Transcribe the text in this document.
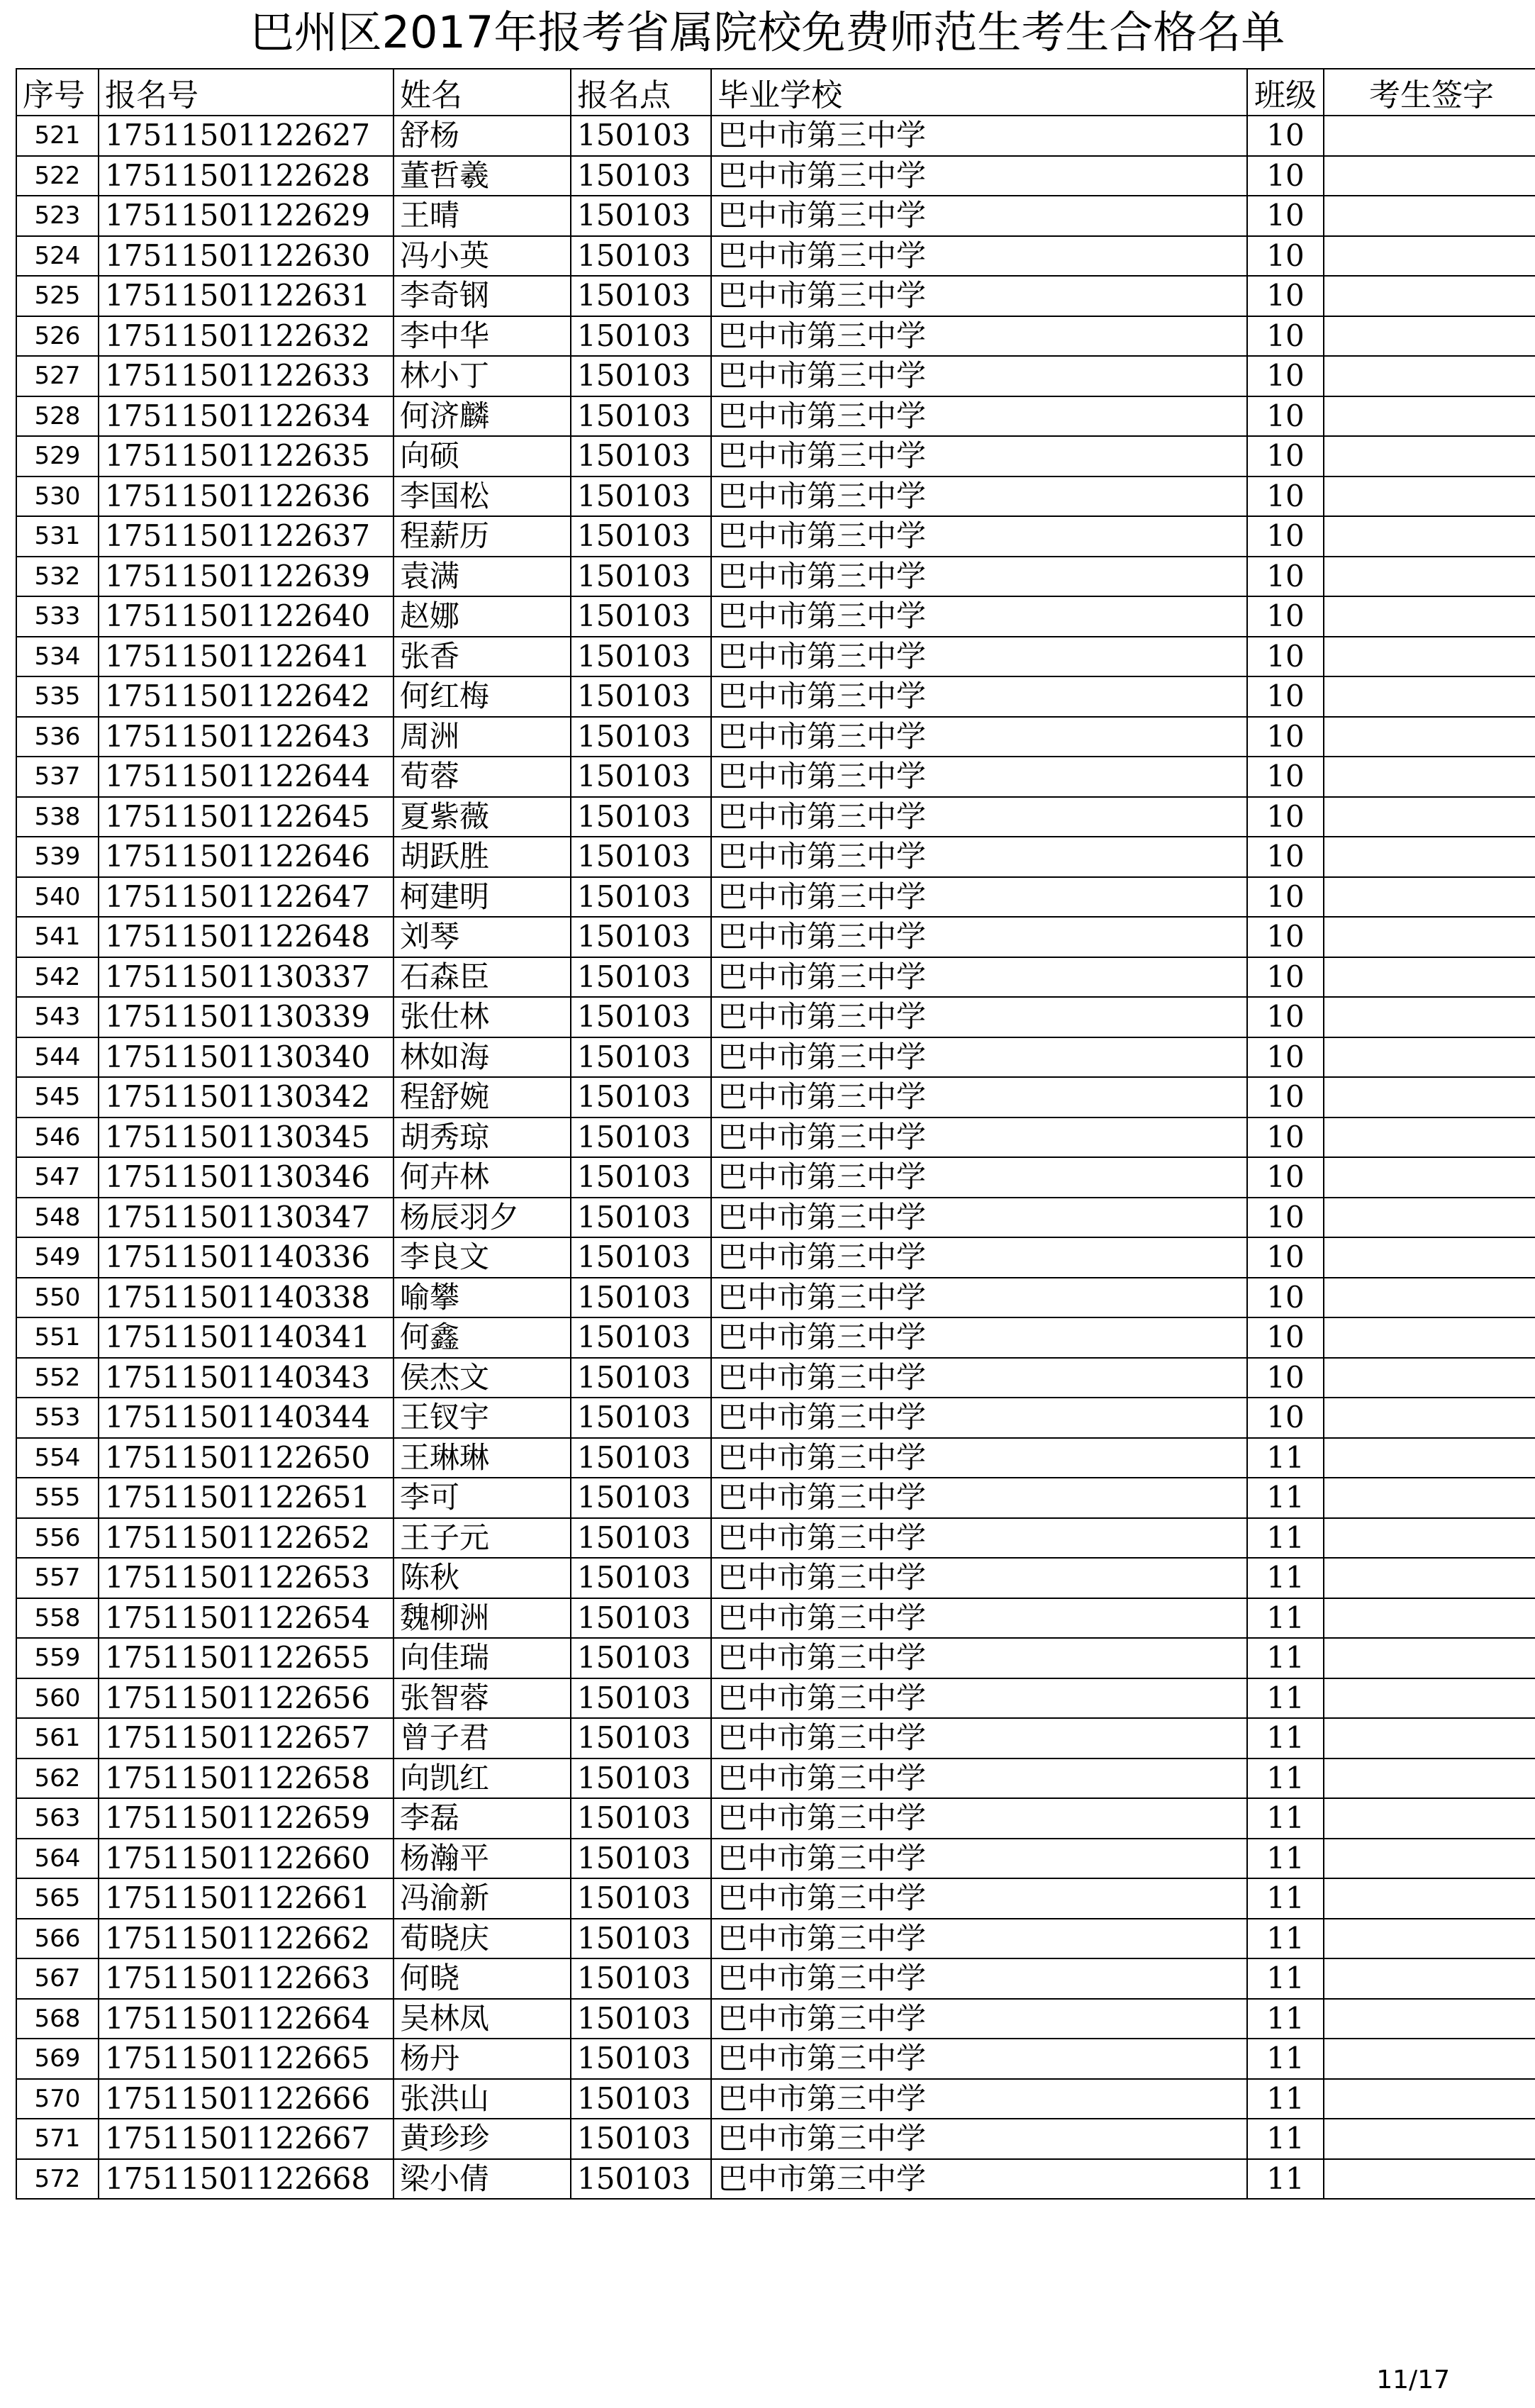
巴州区2017年报考省属院校免费师范生考生合格名单
序号	报名号	姓名	报名点	毕业学校	班级	考生签字
521	17511501122627	舒杨	150103	巴中市第三中学	10	
522	17511501122628	董哲羲	150103	巴中市第三中学	10	
523	17511501122629	王晴	150103	巴中市第三中学	10	
524	17511501122630	冯小英	150103	巴中市第三中学	10	
525	17511501122631	李奇钢	150103	巴中市第三中学	10	
526	17511501122632	李中华	150103	巴中市第三中学	10	
527	17511501122633	林小丁	150103	巴中市第三中学	10	
528	17511501122634	何济麟	150103	巴中市第三中学	10	
529	17511501122635	向硕	150103	巴中市第三中学	10	
530	17511501122636	李国松	150103	巴中市第三中学	10	
531	17511501122637	程薪历	150103	巴中市第三中学	10	
532	17511501122639	袁满	150103	巴中市第三中学	10	
533	17511501122640	赵娜	150103	巴中市第三中学	10	
534	17511501122641	张香	150103	巴中市第三中学	10	
535	17511501122642	何红梅	150103	巴中市第三中学	10	
536	17511501122643	周洲	150103	巴中市第三中学	10	
537	17511501122644	荀蓉	150103	巴中市第三中学	10	
538	17511501122645	夏紫薇	150103	巴中市第三中学	10	
539	17511501122646	胡跃胜	150103	巴中市第三中学	10	
540	17511501122647	柯建明	150103	巴中市第三中学	10	
541	17511501122648	刘琴	150103	巴中市第三中学	10	
542	17511501130337	石森臣	150103	巴中市第三中学	10	
543	17511501130339	张仕林	150103	巴中市第三中学	10	
544	17511501130340	林如海	150103	巴中市第三中学	10	
545	17511501130342	程舒婉	150103	巴中市第三中学	10	
546	17511501130345	胡秀琼	150103	巴中市第三中学	10	
547	17511501130346	何卉林	150103	巴中市第三中学	10	
548	17511501130347	杨辰羽夕	150103	巴中市第三中学	10	
549	17511501140336	李良文	150103	巴中市第三中学	10	
550	17511501140338	喻攀	150103	巴中市第三中学	10	
551	17511501140341	何鑫	150103	巴中市第三中学	10	
552	17511501140343	侯杰文	150103	巴中市第三中学	10	
553	17511501140344	王钗宇	150103	巴中市第三中学	10	
554	17511501122650	王琳琳	150103	巴中市第三中学	11	
555	17511501122651	李可	150103	巴中市第三中学	11	
556	17511501122652	王子元	150103	巴中市第三中学	11	
557	17511501122653	陈秋	150103	巴中市第三中学	11	
558	17511501122654	魏柳洲	150103	巴中市第三中学	11	
559	17511501122655	向佳瑞	150103	巴中市第三中学	11	
560	17511501122656	张智蓉	150103	巴中市第三中学	11	
561	17511501122657	曾子君	150103	巴中市第三中学	11	
562	17511501122658	向凯红	150103	巴中市第三中学	11	
563	17511501122659	李磊	150103	巴中市第三中学	11	
564	17511501122660	杨瀚平	150103	巴中市第三中学	11	
565	17511501122661	冯渝新	150103	巴中市第三中学	11	
566	17511501122662	荀晓庆	150103	巴中市第三中学	11	
567	17511501122663	何晓	150103	巴中市第三中学	11	
568	17511501122664	吴林凤	150103	巴中市第三中学	11	
569	17511501122665	杨丹	150103	巴中市第三中学	11	
570	17511501122666	张洪山	150103	巴中市第三中学	11	
571	17511501122667	黄珍珍	150103	巴中市第三中学	11	
572	17511501122668	梁小倩	150103	巴中市第三中学	11	
11/17
